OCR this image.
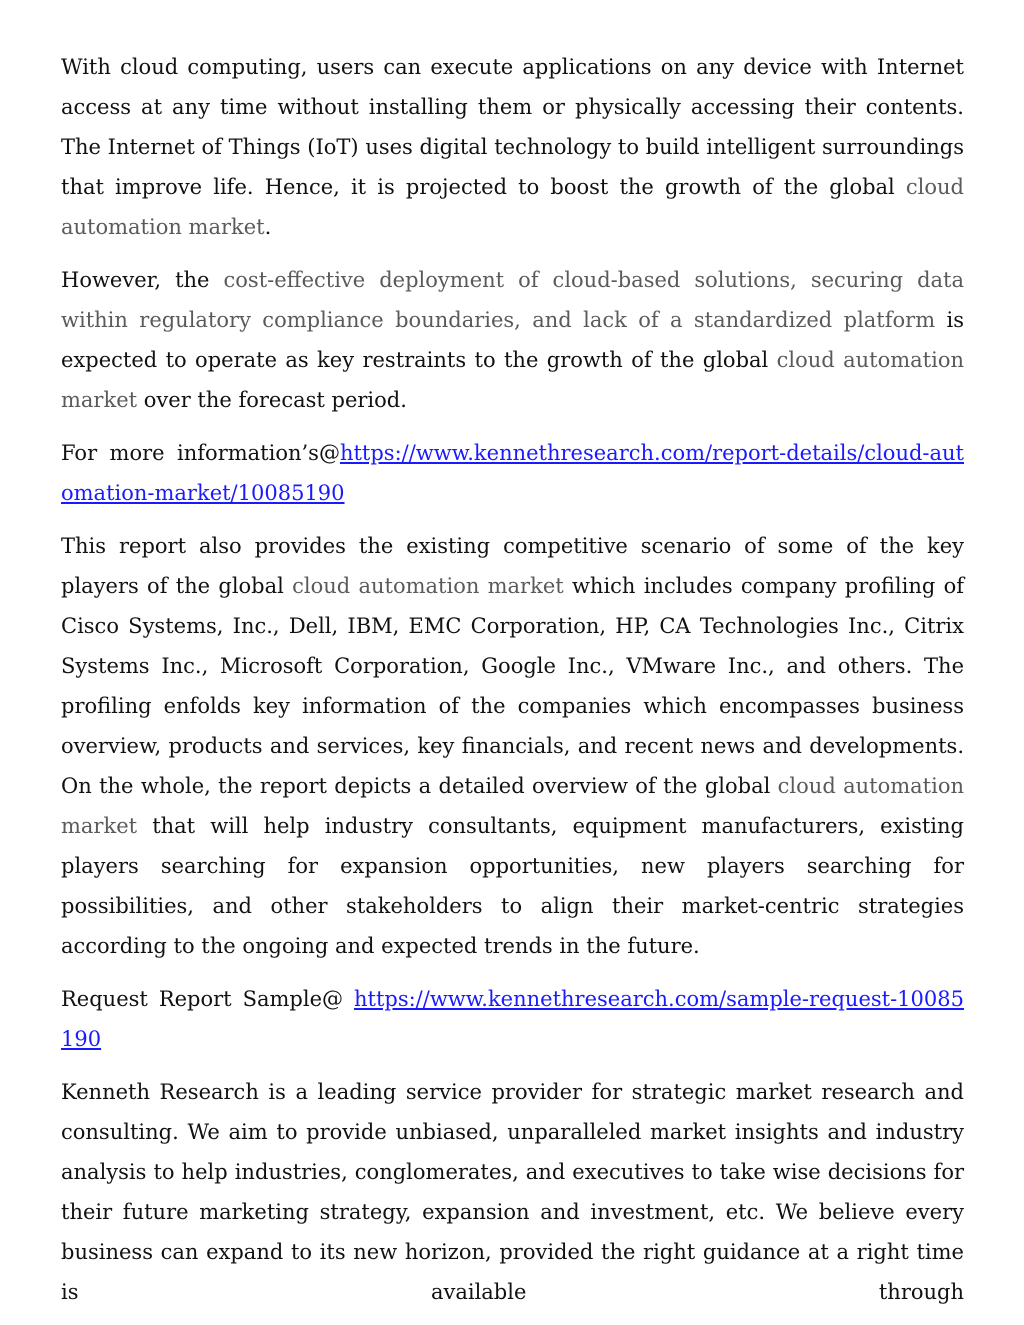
With cloud computing, users can execute applications on any device with Internet access at any time without installing them or physically accessing their contents. The Internet of Things (IoT) uses digital technology to build intelligent surroundings that improve life. Hence, it is projected to boost the growth of the global cloud automation market.

However, the cost-effective deployment of cloud-based solutions, securing data within regulatory compliance boundaries, and lack of a standardized platform is expected to operate as key restraints to the growth of the global cloud automation market over the forecast period.

For more information’s@https://www.kennethresearch.com/report-details/cloud-automation-market/10085190

This report also provides the existing competitive scenario of some of the key players of the global cloud automation market which includes company profiling of Cisco Systems, Inc., Dell, IBM, EMC Corporation, HP, CA Technologies Inc., Citrix Systems Inc., Microsoft Corporation, Google Inc., VMware Inc., and others. The profiling enfolds key information of the companies which encompasses business overview, products and services, key financials, and recent news and developments. On the whole, the report depicts a detailed overview of the global cloud automation market that will help industry consultants, equipment manufacturers, existing players searching for expansion opportunities, new players searching for possibilities, and other stakeholders to align their market-centric strategies according to the ongoing and expected trends in the future.

Request Report Sample@ https://www.kennethresearch.com/sample-request-10085190

Kenneth Research is a leading service provider for strategic market research and consulting. We aim to provide unbiased, unparalleled market insights and industry analysis to help industries, conglomerates, and executives to take wise decisions for their future marketing strategy, expansion and investment, etc. We believe every business can expand to its new horizon, provided the right guidance at a right time is available through
